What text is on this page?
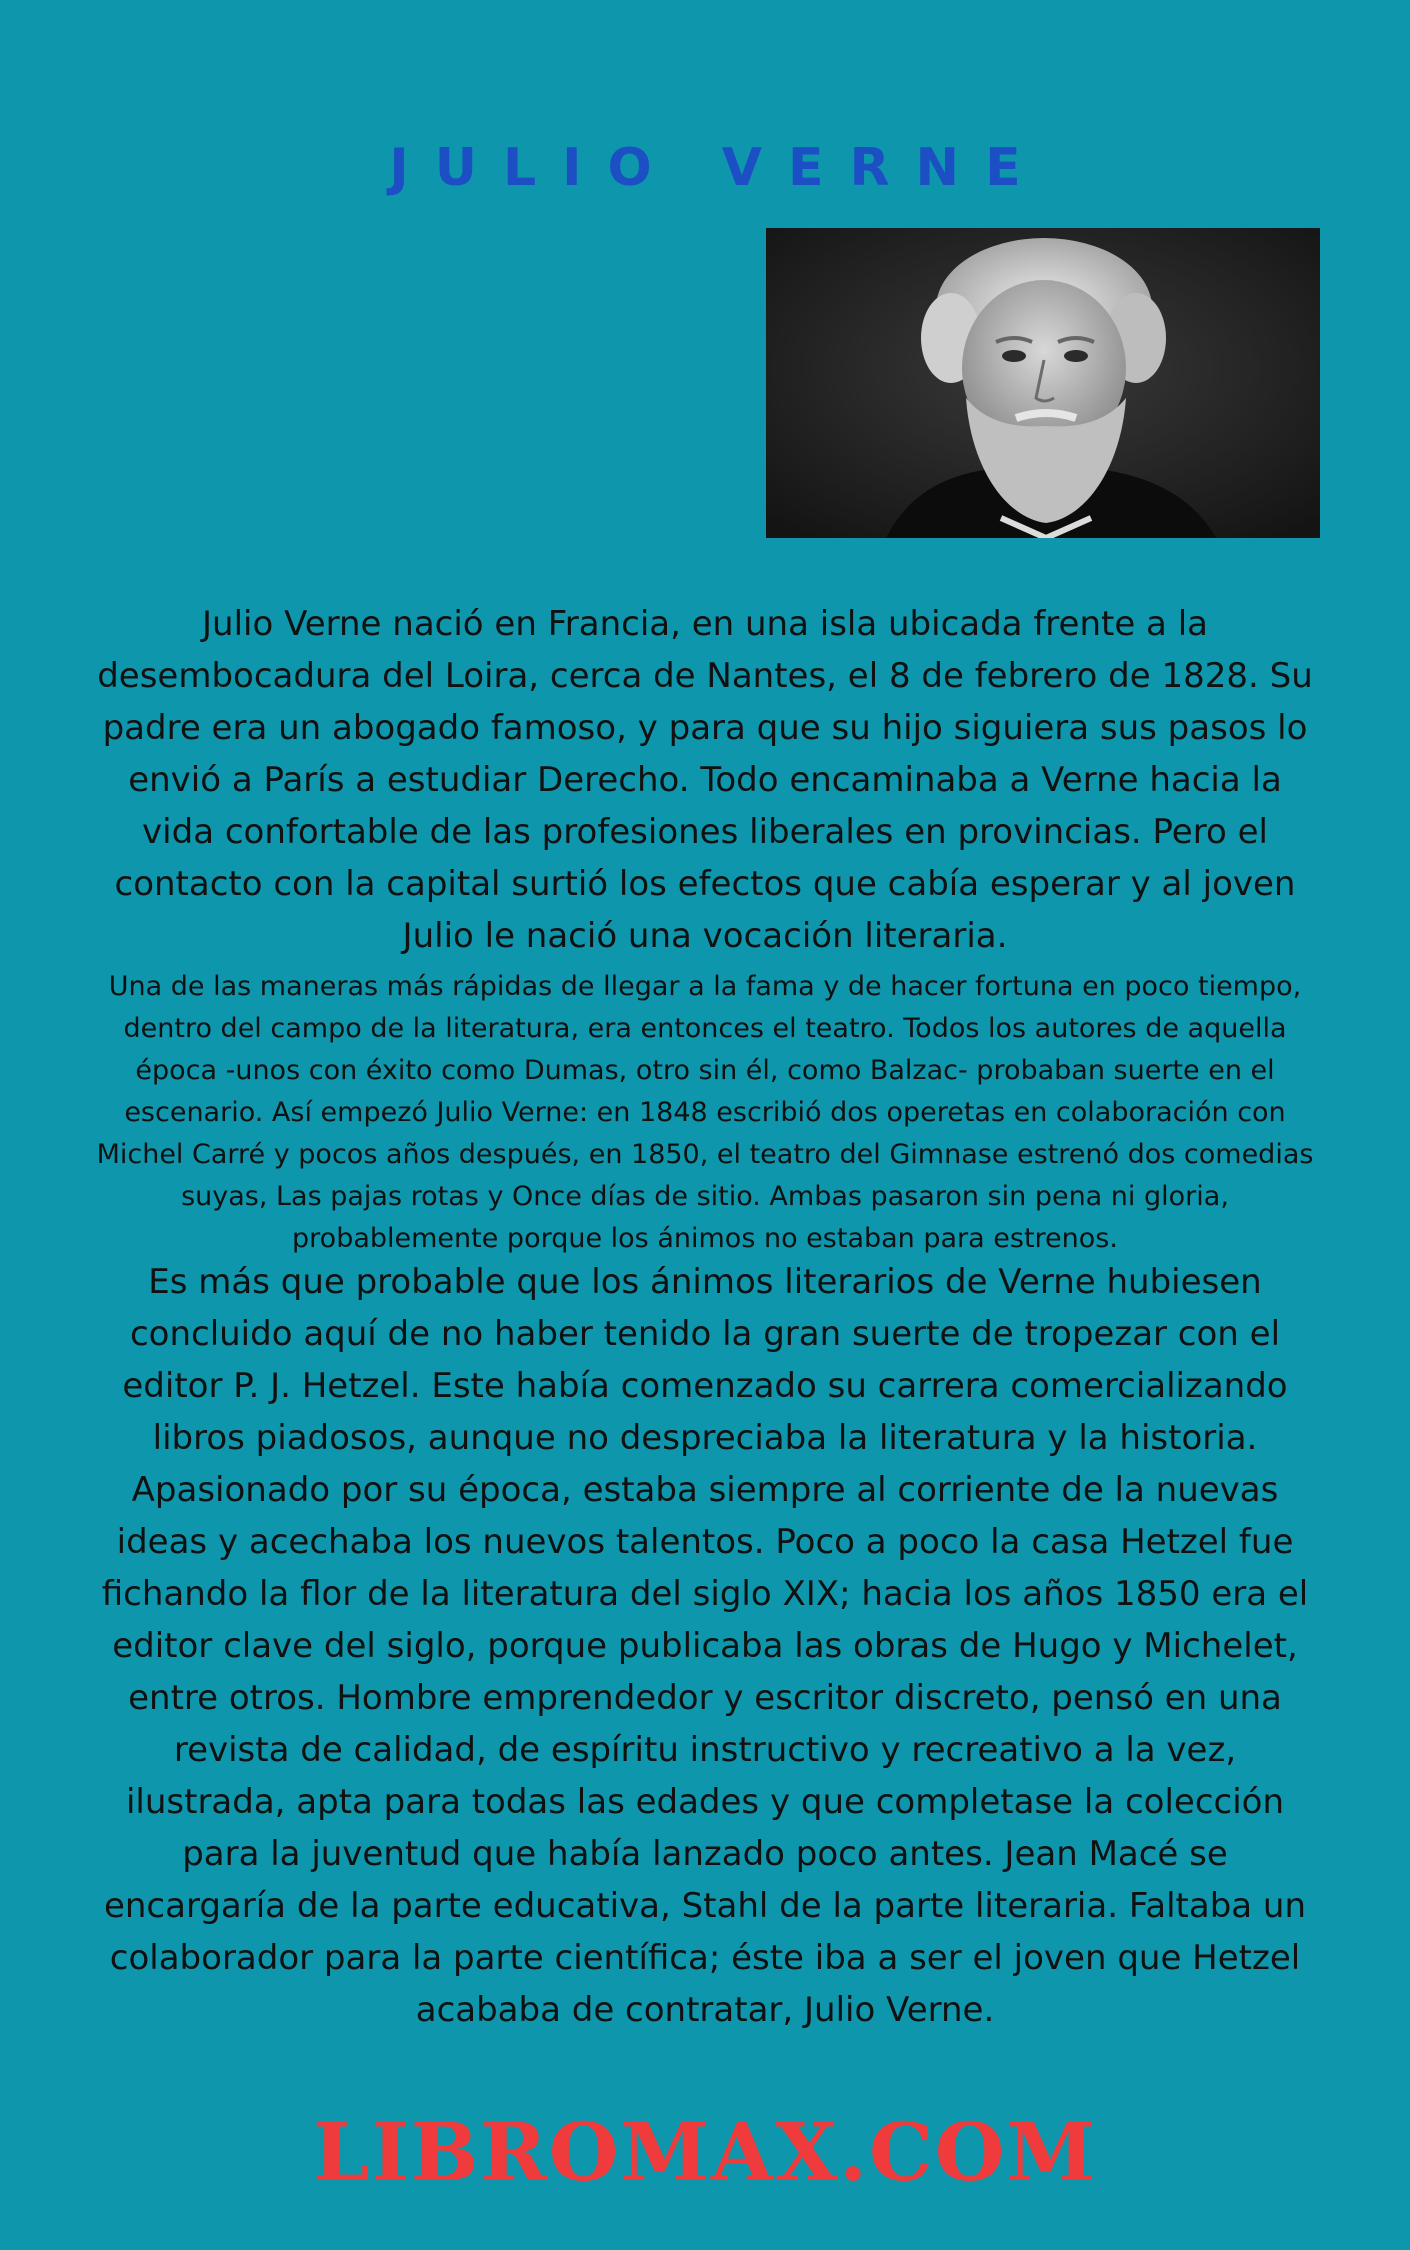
JULIO VERNE

Julio Verne nació en Francia, en una isla ubicada frente a la desembocadura del Loira, cerca de Nantes, el 8 de febrero de 1828. Su padre era un abogado famoso, y para que su hijo siguiera sus pasos lo envió a París a estudiar Derecho. Todo encaminaba a Verne hacia la vida confortable de las profesiones liberales en provincias. Pero el contacto con la capital surtió los efectos que cabía esperar y al joven Julio le nació una vocación literaria.

Una de las maneras más rápidas de llegar a la fama y de hacer fortuna en poco tiempo, dentro del campo de la literatura, era entonces el teatro. Todos los autores de aquella época -unos con éxito como Dumas, otro sin él, como Balzac- probaban suerte en el escenario. Así empezó Julio Verne: en 1848 escribió dos operetas en colaboración con Michel Carré y pocos años después, en 1850, el teatro del Gimnase estrenó dos comedias suyas, Las pajas rotas y Once días de sitio. Ambas pasaron sin pena ni gloria, probablemente porque los ánimos no estaban para estrenos.

Es más que probable que los ánimos literarios de Verne hubiesen concluido aquí de no haber tenido la gran suerte de tropezar con el editor P. J. Hetzel. Este había comenzado su carrera comercializando libros piadosos, aunque no despreciaba la literatura y la historia. Apasionado por su época, estaba siempre al corriente de la nuevas ideas y acechaba los nuevos talentos. Poco a poco la casa Hetzel fue fichando la flor de la literatura del siglo XIX; hacia los años 1850 era el editor clave del siglo, porque publicaba las obras de Hugo y Michelet, entre otros. Hombre emprendedor y escritor discreto, pensó en una revista de calidad, de espíritu instructivo y recreativo a la vez, ilustrada, apta para todas las edades y que completase la colección para la juventud que había lanzado poco antes. Jean Macé se encargaría de la parte educativa, Stahl de la parte literaria. Faltaba un colaborador para la parte científica; éste iba a ser el joven que Hetzel acababa de contratar, Julio Verne.

LIBROMAX.COM
